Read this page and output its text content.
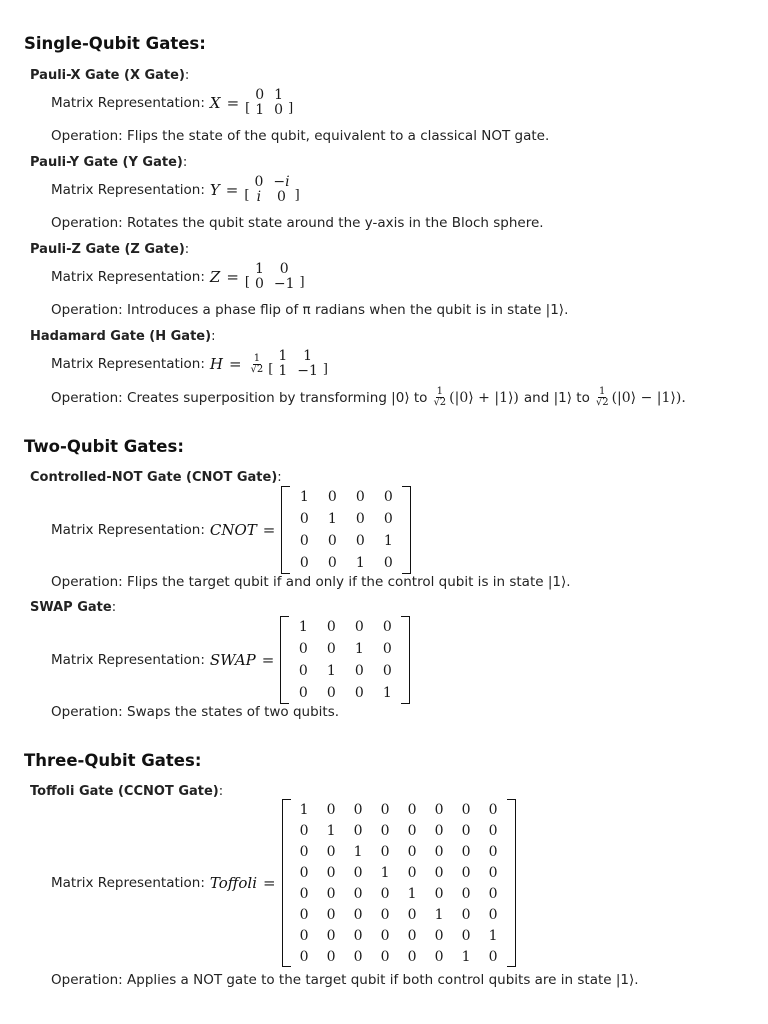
Single-Qubit Gates:
Pauli-X Gate (X Gate):
Matrix Representation: X = [
0	1
1	0 ]
Operation: Flips the state of the qubit, equivalent to a classical NOT gate.
Pauli-Y Gate (Y Gate):
Matrix Representation: Y = [
0	−i
i	0 ]
Operation: Rotates the qubit state around the y-axis in the Bloch sphere.
Pauli-Z Gate (Z Gate):
Matrix Representation: Z = [
1	0
0	−1 ]
Operation: Introduces a phase flip of π radians when the qubit is in state |1⟩.
Hadamard Gate (H Gate):
Matrix Representation: $H = \frac{1}{√2}$ [
1	1
1	−1 ]
Operation: Creates superposition by transforming |0⟩ to $\frac{1}{√2}$ (|0⟩ + |1⟩) and |1⟩ to $\frac{1}{√2}$ (|0⟩ − |1⟩).
Two-Qubit Gates:
Controlled-NOT Gate (CNOT Gate):
Matrix Representation: CNOT =
1	0	0	0
0	1	0	0
0	0	0	1
0	0	1	0
Operation: Flips the target qubit if and only if the control qubit is in state |1⟩.
SWAP Gate:
Matrix Representation: SWAP =
1	0	0	0
0	0	1	0
0	1	0	0
0	0	0	1
Operation: Swaps the states of two qubits.
Three-Qubit Gates:
Toffoli Gate (CCNOT Gate):
Matrix Representation: Toffoli =
1	0	0	0	0	0	0	0
0	1	0	0	0	0	0	0
0	0	1	0	0	0	0	0
0	0	0	1	0	0	0	0
0	0	0	0	1	0	0	0
0	0	0	0	0	1	0	0
0	0	0	0	0	0	0	1
0	0	0	0	0	0	1	0
Operation: Applies a NOT gate to the target qubit if both control qubits are in state |1⟩.
